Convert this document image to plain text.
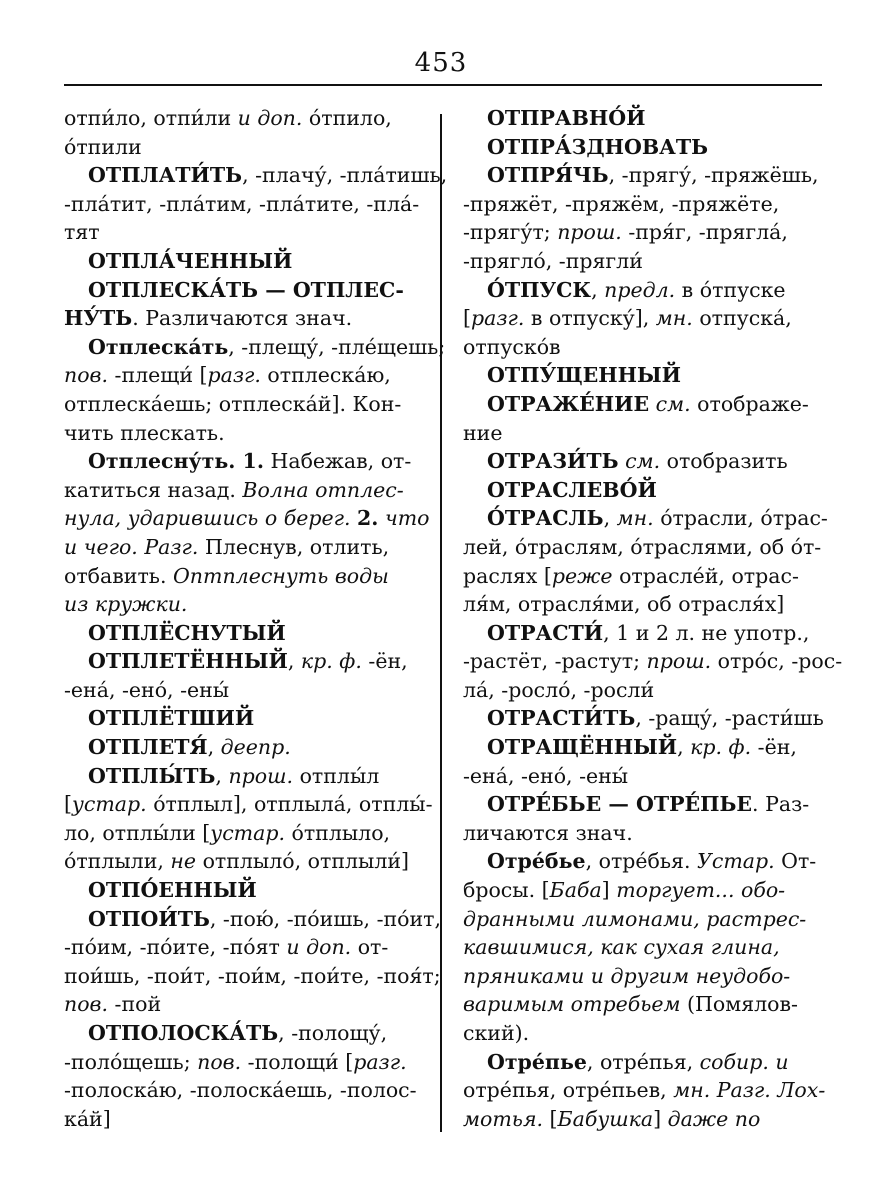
453
отпи́ло, отпи́ли и доп. о́тпило,
о́тпили
ОТПЛАТИ́ТЬ, -плачу́, -пла́тишь,
-пла́тит, -пла́тим, -пла́тите, -пла́-
тят
ОТПЛА́ЧЕННЫЙ
ОТПЛЕСКА́ТЬ — ОТПЛЕС-
НУ́ТЬ. Различаются знач.
Отплеска́ть, -плещу́, -пле́щешь;
пов. -плещи́ [разг. отплеска́ю,
отплеска́ешь; отплеска́й]. Кон-
чить плескать.
Отплесну́ть. 1. Набежав, от-
катиться назад. Волна отплес-
нула, ударившись о берег. 2. что
и чего. Разг. Плеснув, отлить,
отбавить. Оптплеснуть воды
из кружки.
ОТПЛЁСНУТЫЙ
ОТПЛЕТЁННЫЙ, кр. ф. -ён,
-ена́, -ено́, -ены́
ОТПЛЁТШИЙ
ОТПЛЕТЯ́, деепр.
ОТПЛЫ́ТЬ, прош. отплы́л
[устар. о́тплыл], отплыла́, отплы́-
ло, отплы́ли [устар. о́тплыло,
о́тплыли, не отплыло́, отплыли́]
ОТПО́ЕННЫЙ
ОТПОИ́ТЬ, -пою́, -по́ишь, -по́ит,
-по́им, -по́ите, -по́ят и доп. от-
пои́шь, -пои́т, -пои́м, -пои́те, -поя́т;
пов. -пой
ОТПОЛОСКА́ТЬ, -полощу́,
-поло́щешь; пов. -полощи́ [разг.
-полоска́ю, -полоска́ешь, -полос-
ка́й]
ОТПРАВНО́Й
ОТПРА́ЗДНОВАТЬ
ОТПРЯ́ЧЬ, -прягу́, -пряжёшь,
-пряжёт, -пряжём, -пряжёте,
-прягу́т; прош. -пря́г, -прягла́,
-прягло́, -прягли́
О́ТПУСК, предл. в о́тпуске
[разг. в отпуску́], мн. отпуска́,
отпуско́в
ОТПУ́ЩЕННЫЙ
ОТРАЖЕ́НИЕ см. отображе-
ние
ОТРАЗИ́ТЬ см. отобразить
ОТРАСЛЕВО́Й
О́ТРАСЛЬ, мн. о́трасли, о́трас-
лей, о́траслям, о́траслями, об о́т-
раслях [реже отрасле́й, отрас-
ля́м, отрасля́ми, об отрасля́х]
ОТРАСТИ́, 1 и 2 л. не употр.,
-растёт, -растут; прош. отро́с, -рос-
ла́, -росло́, -росли́
ОТРАСТИ́ТЬ, -ращу́, -расти́шь
ОТРАЩЁННЫЙ, кр. ф. -ён,
-ена́, -ено́, -ены́
ОТРЕ́БЬЕ — ОТРЕ́ПЬЕ. Раз-
личаются знач.
Отре́бье, отре́бья. Устар. От-
бросы. [Баба] торгует... обо-
дранными лимонами, растрес-
кавшимися, как сухая глина,
пряниками и другим неудобо-
варимым отребьем (Помялов-
ский).
Отре́пье, отре́пья, собир. и
отре́пья, отре́пьев, мн. Разг. Лох-
мотья. [Бабушка] даже по
